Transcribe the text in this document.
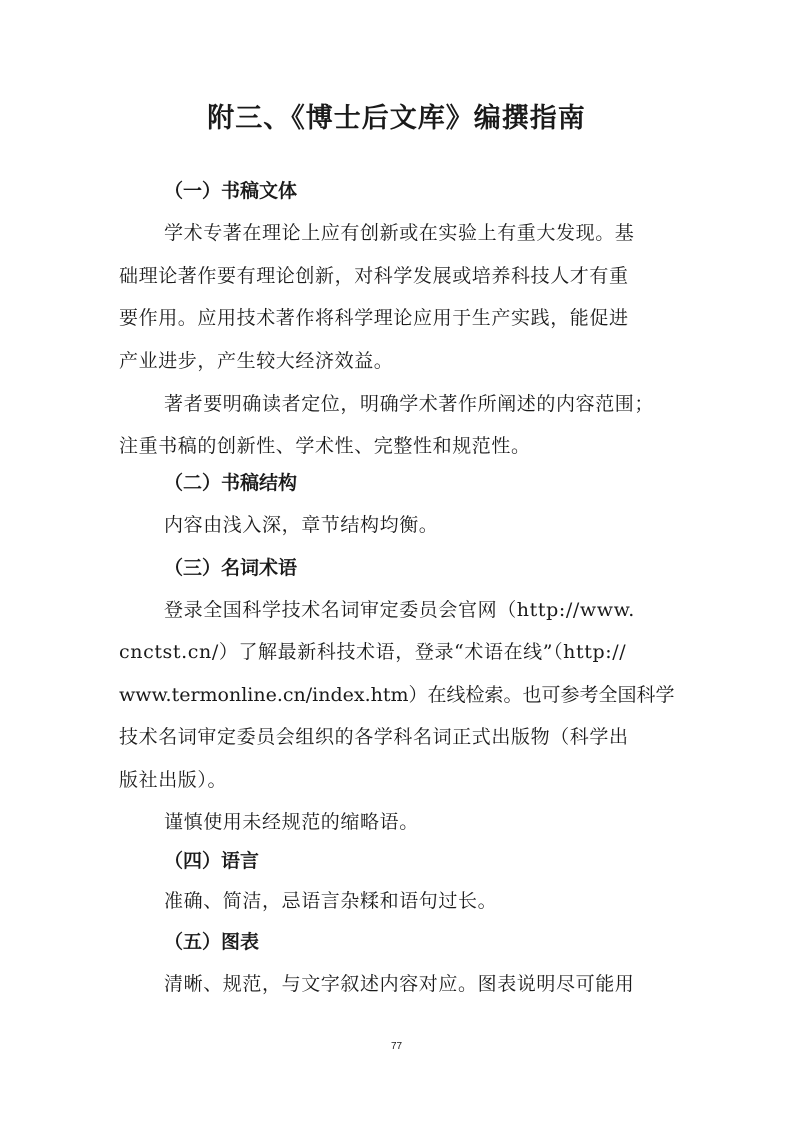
附三、《博士后文库》编撰指南
（一）书稿文体
学术专著在理论上应有创新或在实验上有重大发现。基
础理论著作要有理论创新，对科学发展或培养科技人才有重
要作用。应用技术著作将科学理论应用于生产实践，能促进
产业进步，产生较大经济效益。
著者要明确读者定位，明确学术著作所阐述的内容范围；
注重书稿的创新性、学术性、完整性和规范性。
（二）书稿结构
内容由浅入深，章节结构均衡。
（三）名词术语
登录全国科学技术名词审定委员会官网（http://www.
cnctst.cn/）了解最新科技术语，登录“术语在线”（http://
www.termonline.cn/index.htm）在线检索。也可参考全国科学
技术名词审定委员会组织的各学科名词正式出版物（科学出
版社出版）。
谨慎使用未经规范的缩略语。
（四）语言
准确、简洁，忌语言杂糅和语句过长。
（五）图表
清晰、规范，与文字叙述内容对应。图表说明尽可能用
77
